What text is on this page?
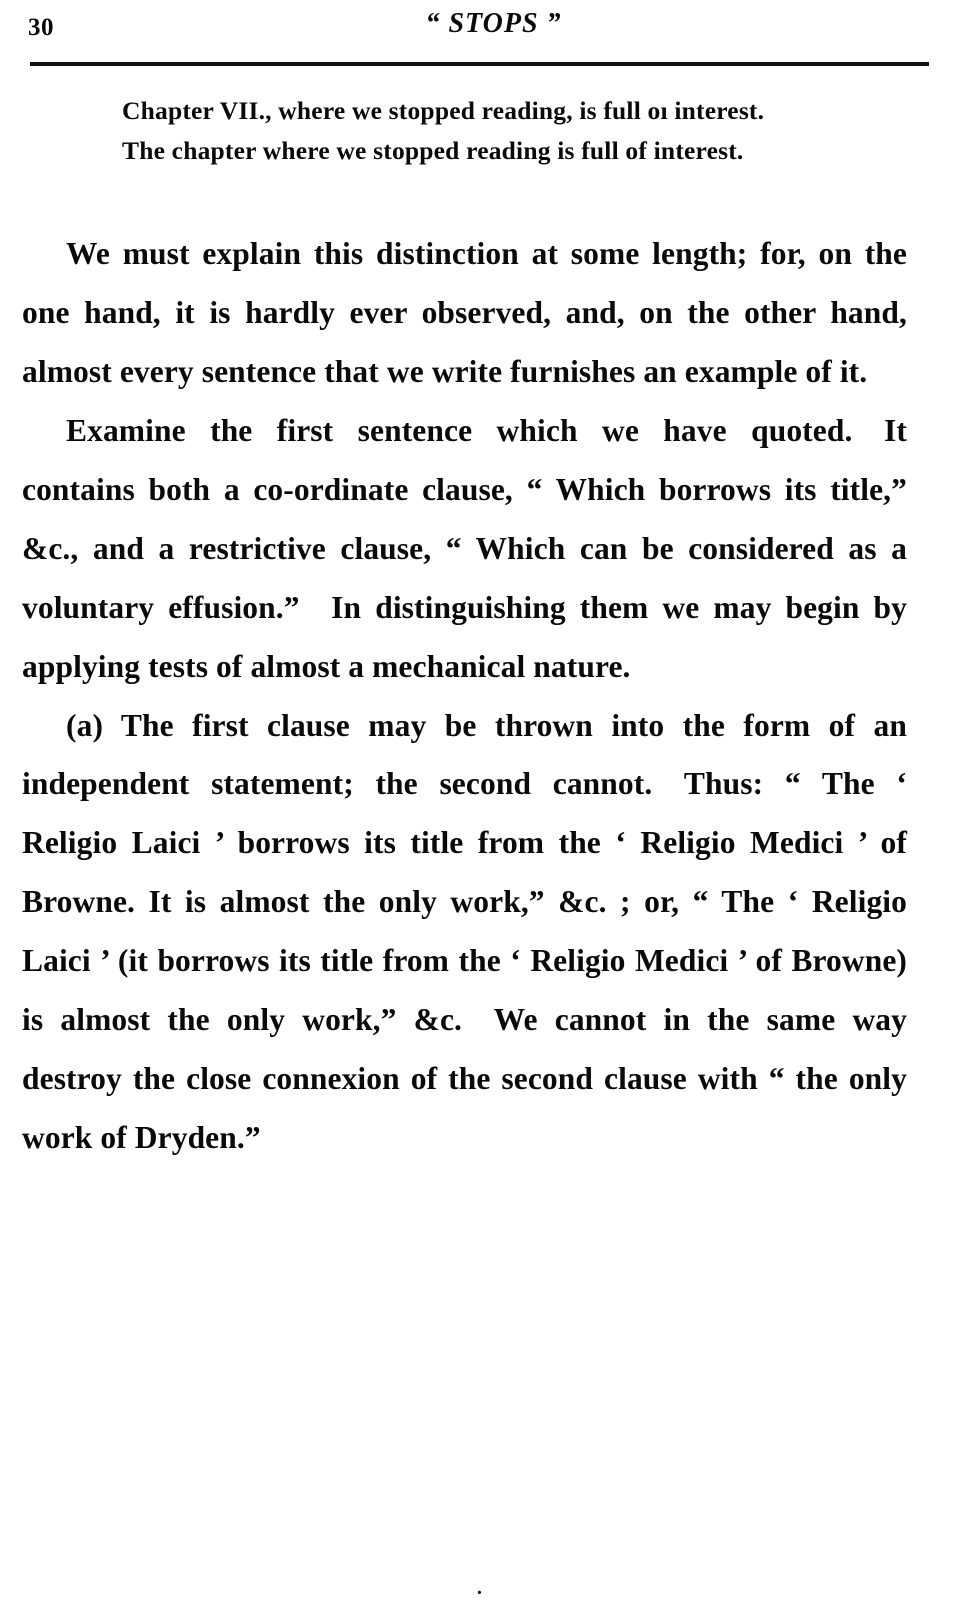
30	“ STOPS ”

Chapter VII., where we stopped reading, is full oı interest.

The chapter where we stopped reading is full of interest.

We must explain this distinction at some length; for, on the one hand, it is hardly ever observed, and, on the other hand, almost every sentence that we write furnishes an example of it.

Examine the first sentence which we have quoted. It contains both a co-ordinate clause, “ Which borrows its title,” &c., and a restrictive clause, “ Which can be considered as a voluntary effusion.” In distinguishing them we may begin by applying tests of almost a mechanical nature.

(a) The first clause may be thrown into the form of an independent statement; the second cannot. Thus: “ The ‘ Religio Laici ’ borrows its title from the ‘ Religio Medici ’ of Browne. It is almost the only work,” &c. ; or, “ The ‘ Religio Laici ’ (it borrows its title from the ‘ Religio Medici ’ of Browne) is almost the only work,” &c. We cannot in the same way destroy the close connexion of the second clause with “ the only work of Dryden.”

·
